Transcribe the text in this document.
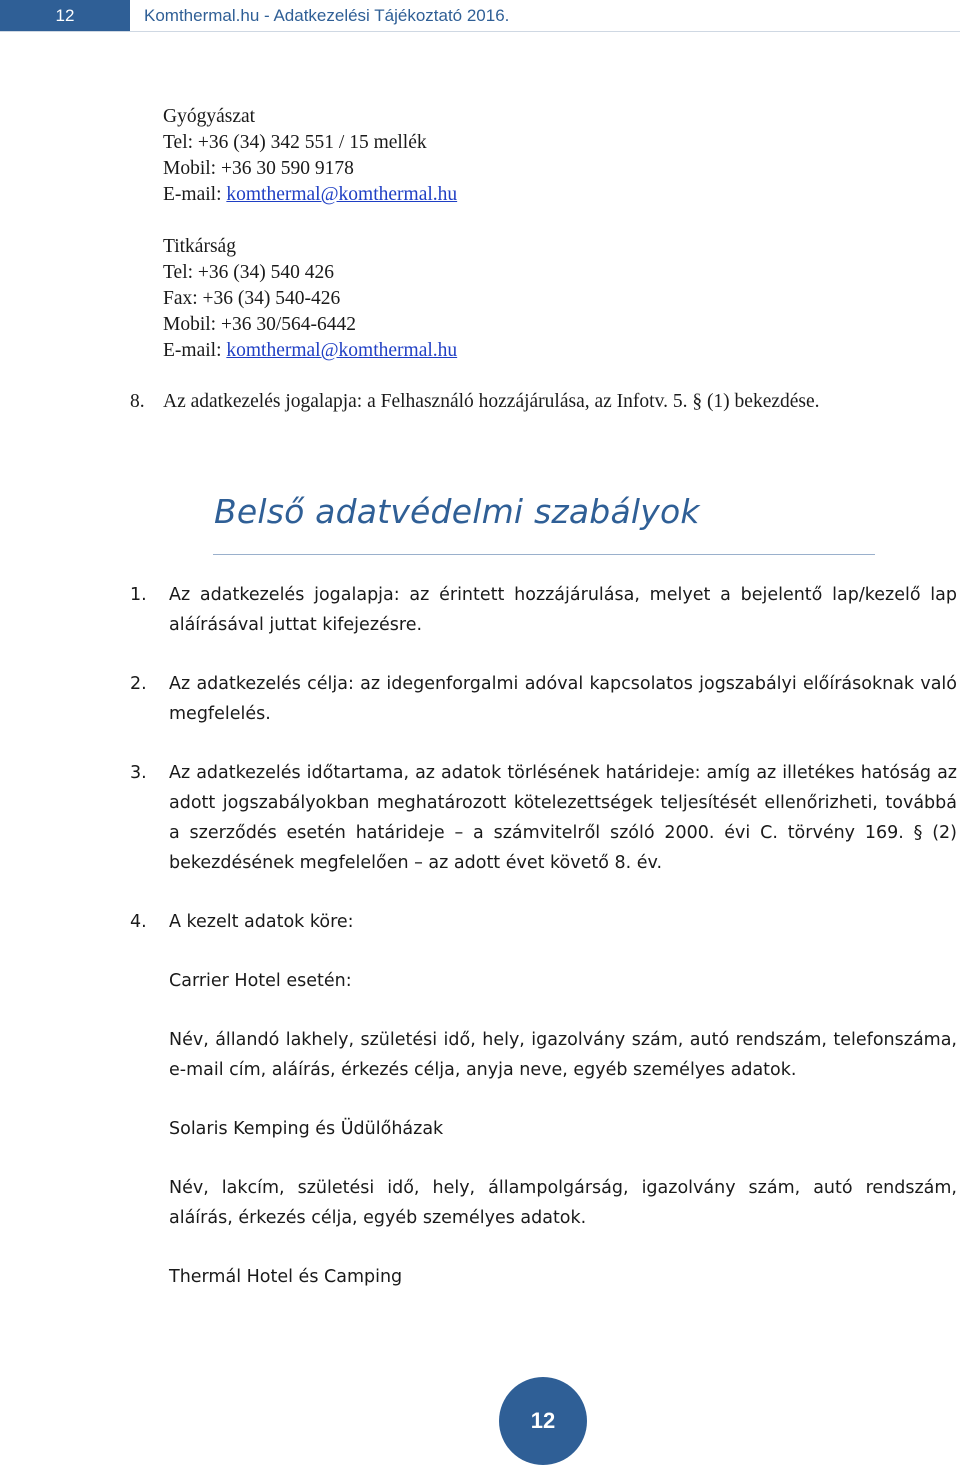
12	Komthermal.hu - Adatkezelési Tájékoztató 2016.
Gyógyászat
Tel: +36 (34) 342 551 / 15 mellék
Mobil: +36 30 590 9178
E-mail: komthermal@komthermal.hu
Titkárság
Tel: +36 (34) 540 426
Fax: +36 (34) 540-426
Mobil: +36 30/564-6442
E-mail: komthermal@komthermal.hu
8. Az adatkezelés jogalapja: a Felhasználó hozzájárulása, az Infotv. 5. § (1) bekezdése.
Belső adatvédelmi szabályok
1. Az adatkezelés jogalapja: az érintett hozzájárulása, melyet a bejelentő lap/kezelő lap aláírásával juttat kifejezésre.
2. Az adatkezelés célja: az idegenforgalmi adóval kapcsolatos jogszabályi előírásoknak való megfelelés.
3. Az adatkezelés időtartama, az adatok törlésének határideje: amíg az illetékes hatóság az adott jogszabályokban meghatározott kötelezettségek teljesítését ellenőrizheti, továbbá a szerződés esetén határideje – a számvitelről szóló 2000. évi C. törvény 169. § (2) bekezdésének megfelelően – az adott évet követő 8. év.
4. A kezelt adatok köre:
Carrier Hotel esetén:
Név, állandó lakhely, születési idő, hely, igazolvány szám, autó rendszám, telefonszáma, e-mail cím, aláírás, érkezés célja, anyja neve, egyéb személyes adatok.
Solaris Kemping és Üdülőházak
Név, lakcím, születési idő, hely, állampolgárság, igazolvány szám, autó rendszám, aláírás, érkezés célja, egyéb személyes adatok.
Thermál Hotel és Camping
12
